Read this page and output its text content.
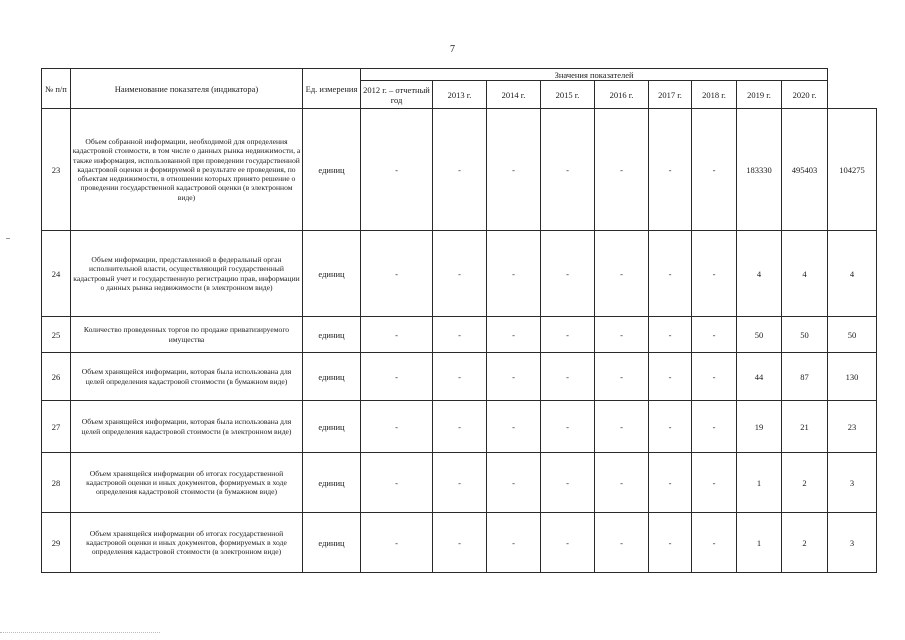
7
№ п/п	Наименование показателя (индикатора)	Ед. измерения	Значения показателей									
			2012 г. – отчетный год	2013 г.	2014 г.	2015 г.	2016 г.	2017 г.	2018 г.	2019 г.	2020 г.	
23	Объем собранной информации, необходимой для определения кадастровой стоимости, в том числе о данных рынка недвижимости, а также информация, использованной при проведении государственной кадастровой оценки и формируемой в результате ее проведения, по объектам недвижимости, в отношении которых принято решение о проведении государственной кадастровой оценки (в электронном виде)	единиц	-	-	-	-	-	-	-	183330	495403	104275
24	Объем информации, представленной в федеральный орган исполнительной власти, осуществляющий государственный кадастровый учет и государственную регистрацию прав, информации о данных рынка недвижимости (в электронном виде)	единиц	-	-	-	-	-	-	-	4	4	4
25	Количество проведенных торгов по продаже приватизируемого имущества	единиц	-	-	-	-	-	-	-	50	50	50
26	Объем хранящейся информации, которая была использована для целей определения кадастровой стоимости (в бумажном виде)	единиц	-	-	-	-	-	-	-	44	87	130
27	Объем хранящейся информации, которая была использована для целей определения кадастровой стоимости (в электронном виде)	единиц	-	-	-	-	-	-	-	19	21	23
28	Объем хранящейся информации об итогах государственной кадастровой оценки и иных документов, формируемых в ходе определения кадастровой стоимости (в бумажном виде)	единиц	-	-	-	-	-	-	-	1	2	3
29	Объем хранящейся информации об итогах государственной кадастровой оценки и иных документов, формируемых в ходе определения кадастровой стоимости (в электронном виде)	единиц	-	-	-	-	-	-	-	1	2	3
